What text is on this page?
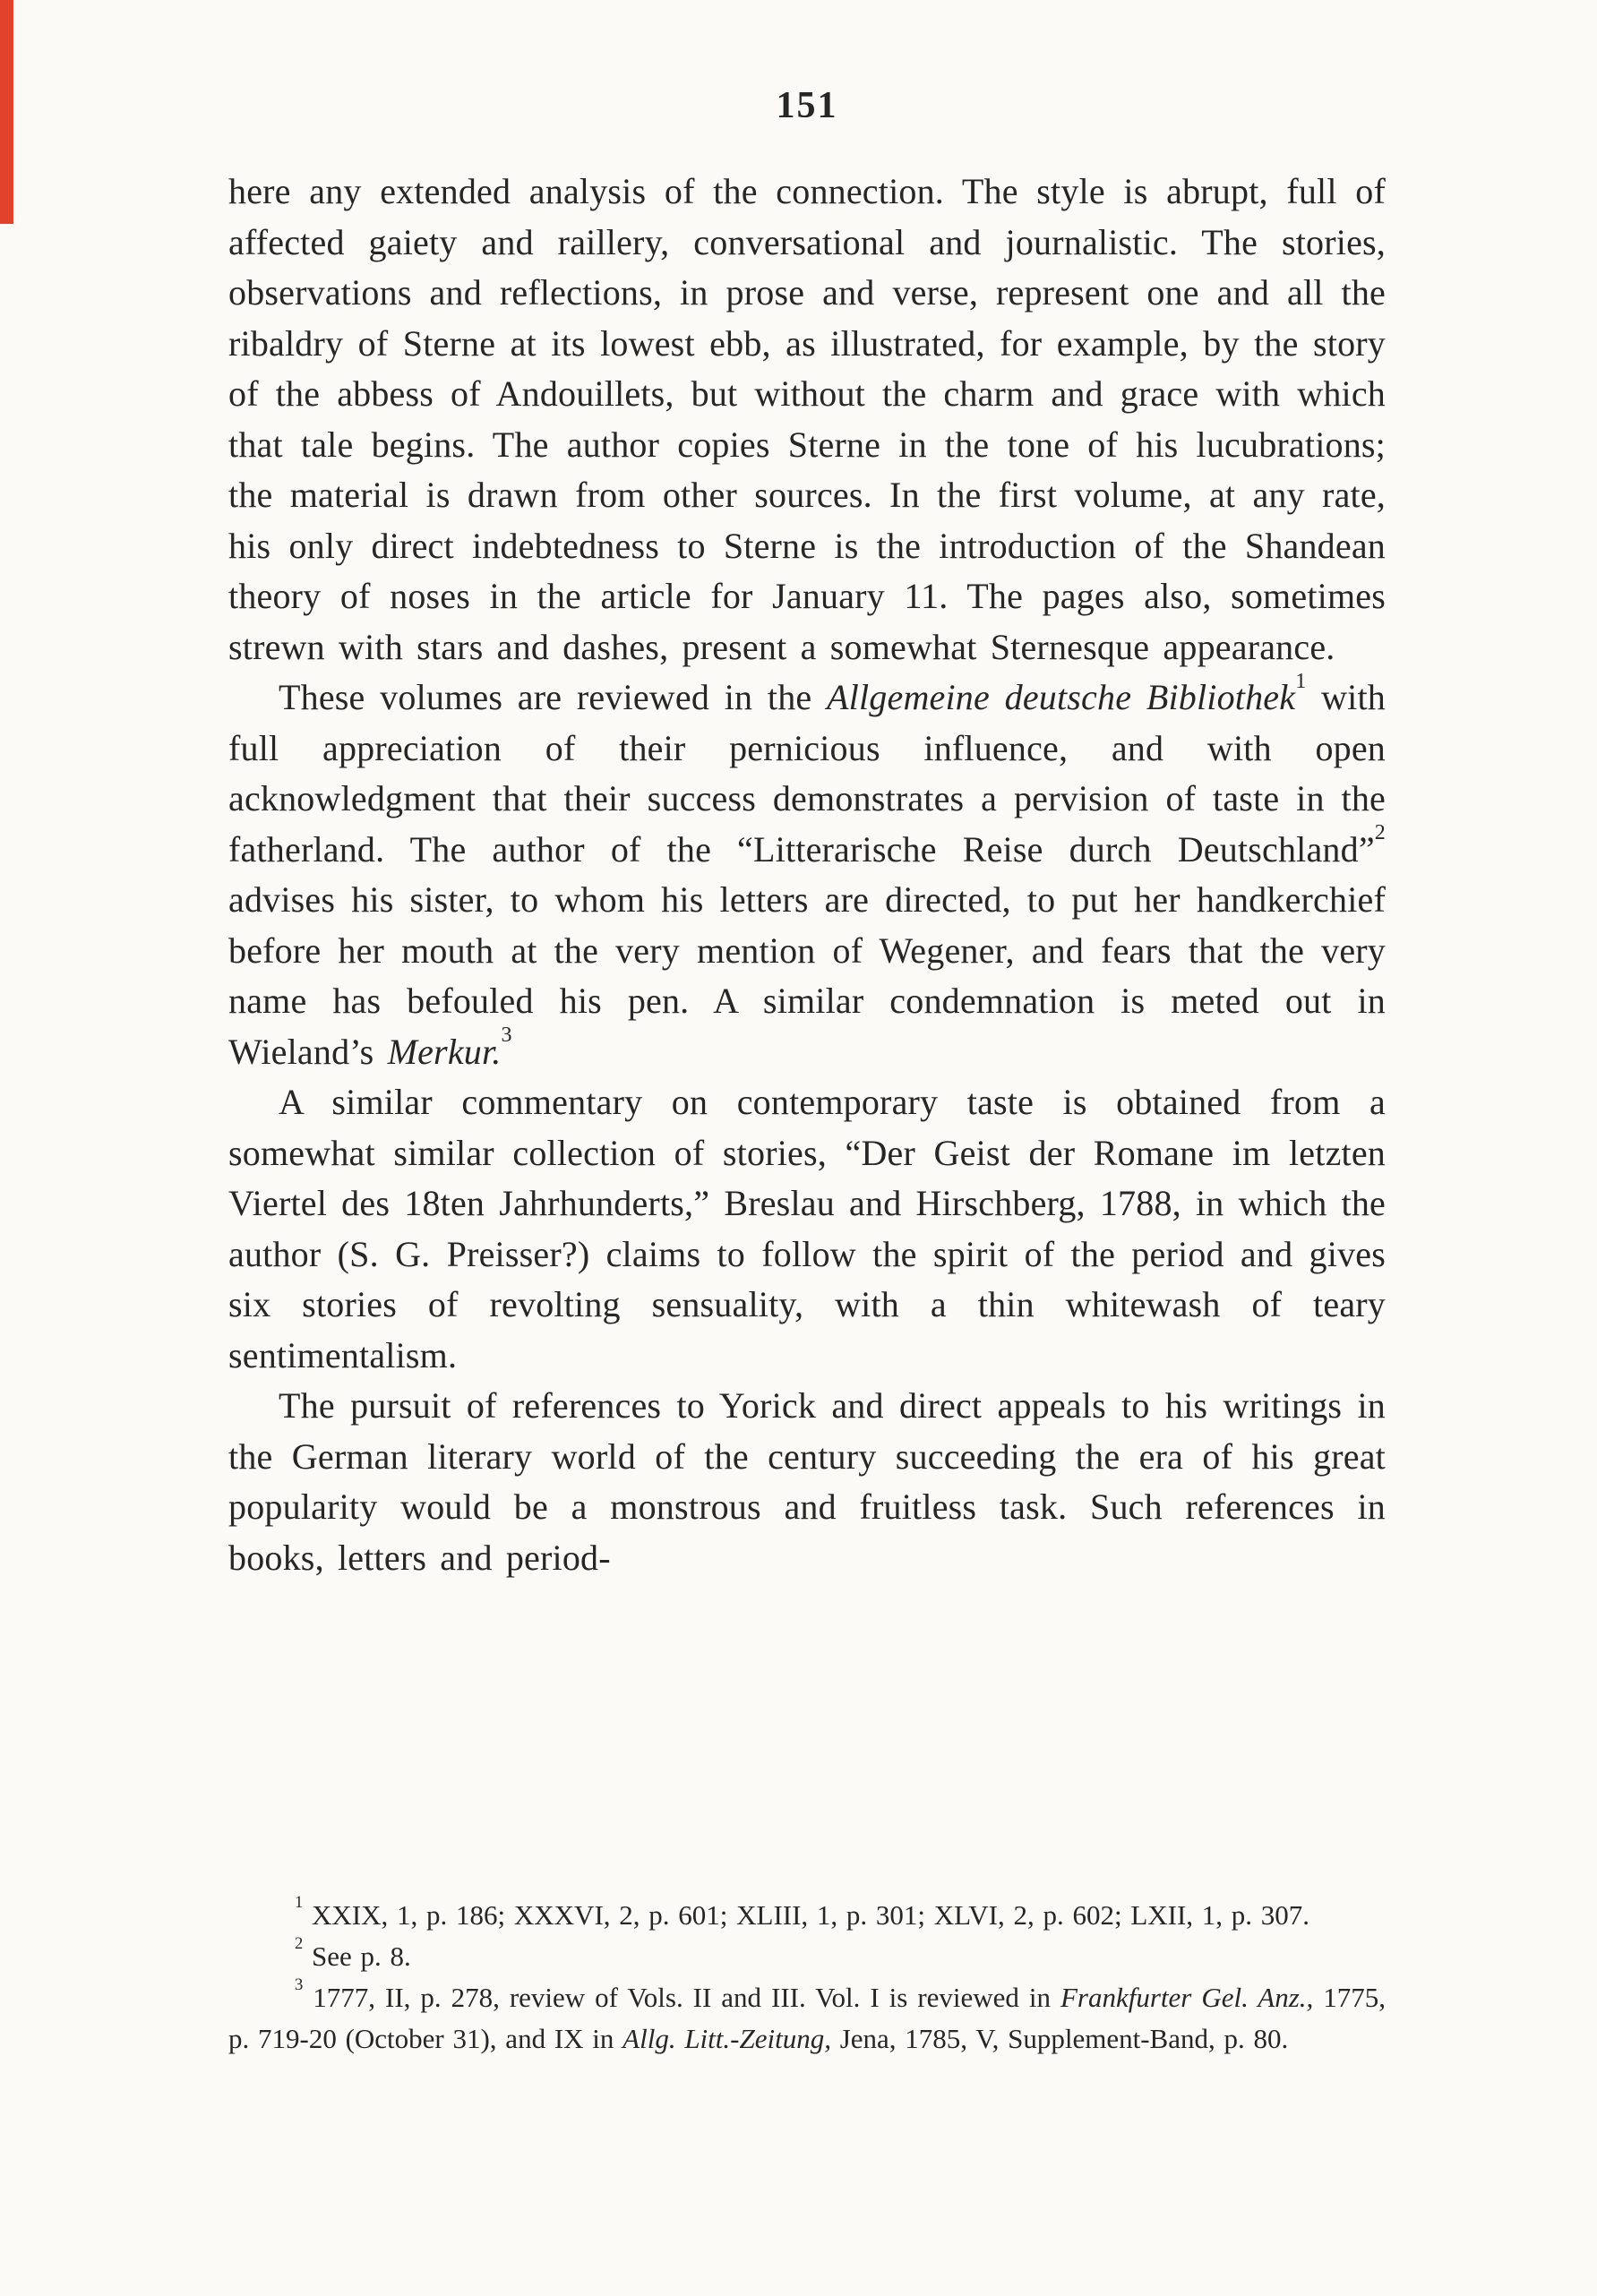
151

here any extended analysis of the connection. The style is abrupt, full of affected gaiety and raillery, conversational and journalistic. The stories, observations and reflections, in prose and verse, represent one and all the ribaldry of Sterne at its lowest ebb, as illustrated, for example, by the story of the abbess of Andouillets, but without the charm and grace with which that tale begins. The author copies Sterne in the tone of his lucubrations; the material is drawn from other sources. In the first volume, at any rate, his only direct indebtedness to Sterne is the introduction of the Shandean theory of noses in the article for January 11. The pages also, sometimes strewn with stars and dashes, present a somewhat Sternesque appearance.

These volumes are reviewed in the Allgemeine deutsche Bibliothek$^1$ with full appreciation of their pernicious influence, and with open acknowledgment that their success demonstrates a pervision of taste in the fatherland. The author of the “Litterarische Reise durch Deutschland”$^2$ advises his sister, to whom his letters are directed, to put her handkerchief before her mouth at the very mention of Wegener, and fears that the very name has befouled his pen. A similar condemnation is meted out in Wieland’s Merkur.$^3$

A similar commentary on contemporary taste is obtained from a somewhat similar collection of stories, “Der Geist der Romane im letzten Viertel des 18ten Jahrhunderts,” Breslau and Hirschberg, 1788, in which the author (S. G. Preisser?) claims to follow the spirit of the period and gives six stories of revolting sensuality, with a thin whitewash of teary sentimentalism.

The pursuit of references to Yorick and direct appeals to his writings in the German literary world of the century succeeding the era of his great popularity would be a monstrous and fruitless task. Such references in books, letters and period-

$^1$ XXIX, 1, p. 186; XXXVI, 2, p. 601; XLIII, 1, p. 301; XLVI, 2, p. 602; LXII, 1, p. 307.

$^2$ See p. 8.

$^3$ 1777, II, p. 278, review of Vols. II and III. Vol. I is reviewed in Frankfurter Gel. Anz., 1775, p. 719-20 (October 31), and IX in Allg. Litt.-Zeitung, Jena, 1785, V, Supplement-Band, p. 80.
